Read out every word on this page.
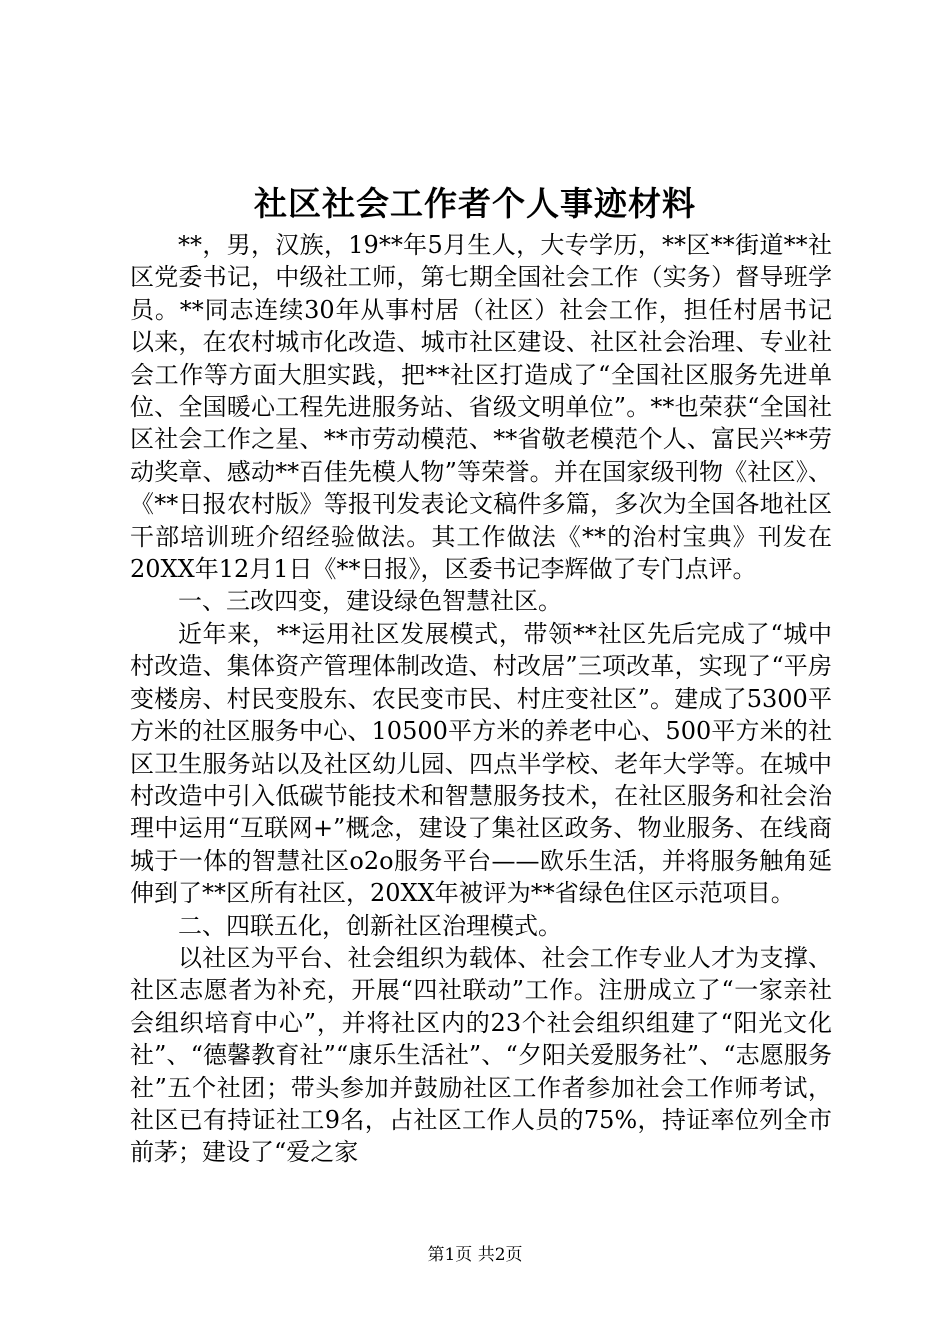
社区社会工作者个人事迹材料

**，男，汉族，19**年5月生人，大专学历，**区**街道**社区党委书记，中级社工师，第七期全国社会工作（实务）督导班学员。**同志连续30年从事村居（社区）社会工作，担任村居书记以来，在农村城市化改造、城市社区建设、社区社会治理、专业社会工作等方面大胆实践，把**社区打造成了“全国社区服务先进单位、全国暖心工程先进服务站、省级文明单位”。**也荣获“全国社区社会工作之星、**市劳动模范、**省敬老模范个人、富民兴**劳动奖章、感动**百佳先模人物”等荣誉。并在国家级刊物《社区》、《**日报农村版》等报刊发表论文稿件多篇，多次为全国各地社区干部培训班介绍经验做法。其工作做法《**的治村宝典》刊发在20XX年12月1日《**日报》，区委书记李辉做了专门点评。

一、三改四变，建设绿色智慧社区。

近年来，**运用社区发展模式，带领**社区先后完成了“城中村改造、集体资产管理体制改造、村改居”三项改革，实现了“平房变楼房、村民变股东、农民变市民、村庄变社区”。建成了5300平方米的社区服务中心、10500平方米的养老中心、500平方米的社区卫生服务站以及社区幼儿园、四点半学校、老年大学等。在城中村改造中引入低碳节能技术和智慧服务技术，在社区服务和社会治理中运用“互联网+”概念，建设了集社区政务、物业服务、在线商城于一体的智慧社区o2o服务平台——欧乐生活，并将服务触角延伸到了**区所有社区，20XX年被评为**省绿色住区示范项目。

二、四联五化，创新社区治理模式。

以社区为平台、社会组织为载体、社会工作专业人才为支撑、社区志愿者为补充，开展“四社联动”工作。注册成立了“一家亲社会组织培育中心”，并将社区内的23个社会组织组建了“阳光文化社”、“德馨教育社”“康乐生活社”、“夕阳关爱服务社”、“志愿服务社”五个社团；带头参加并鼓励社区工作者参加社会工作师考试，社区已有持证社工9名，占社区工作人员的75%，持证率位列全市前茅；建设了“爱之家

第1页 共2页
